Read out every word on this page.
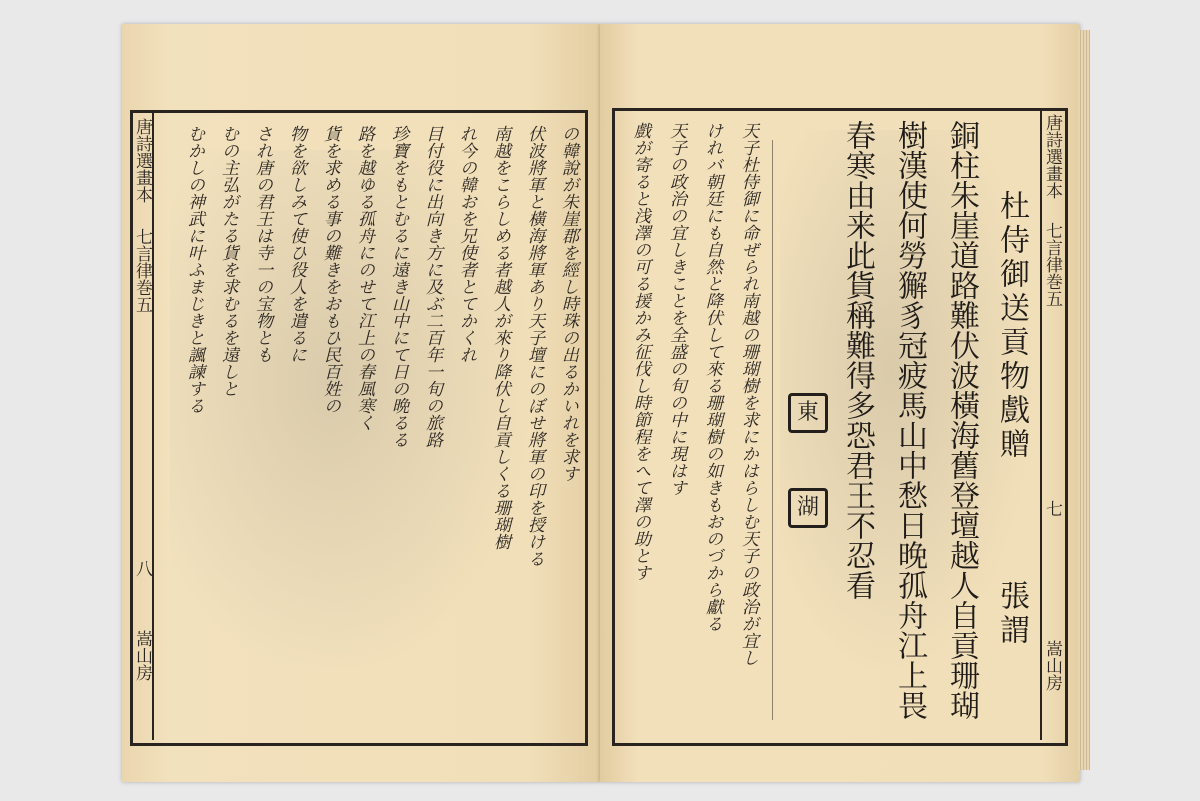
唐詩選畫本
七言律巻五
八
嵩山房
の韓說が朱崖郡を經し時珠の出るかいれを求す
伏波將軍と橫海將軍あり天子壇にのぼせ將軍の印を授ける
南越をこらしめる者越人が來り降伏し自貢しくる珊瑚樹
れ今の韓おを兄使者とてかくれ
目付役に出向き方に及ぶ二百年一旬の旅路
珍寶をもとむるに遠き山中にて日の晩るる
路を越ゆる孤舟にのせて江上の春風寒く
貨を求める事の難きをおもひ民百姓の
物を欲しみて使ひ役人を遣るに
され唐の君王は寺一の宝物とも
むの主弘がたる貨を求むるを遠しと
むかしの神武に叶ふまじきと諷諫する	唐詩選畫本
七言律巻五
七
嵩山房
杜侍御送貢物戲贈
張謂
銅柱朱崖道路難伏波橫海舊登壇越人自貢珊瑚
樹漢使何勞獬豸冠疲馬山中愁日晚孤舟江上畏
春寒由来此貨稱難得多恐君王不忍看
東
湖
天子杜侍御に命ぜられ南越の珊瑚樹を求にかはらしむ天子の政治が宜し
けれバ朝廷にも自然と降伏して來る珊瑚樹の如きもおのづから獻る
天子の政治の宜しきことを全盛の旬の中に現はす
戲が寄ると浅澤の可る援かみ征伐し時節程をへて澤の助とす
